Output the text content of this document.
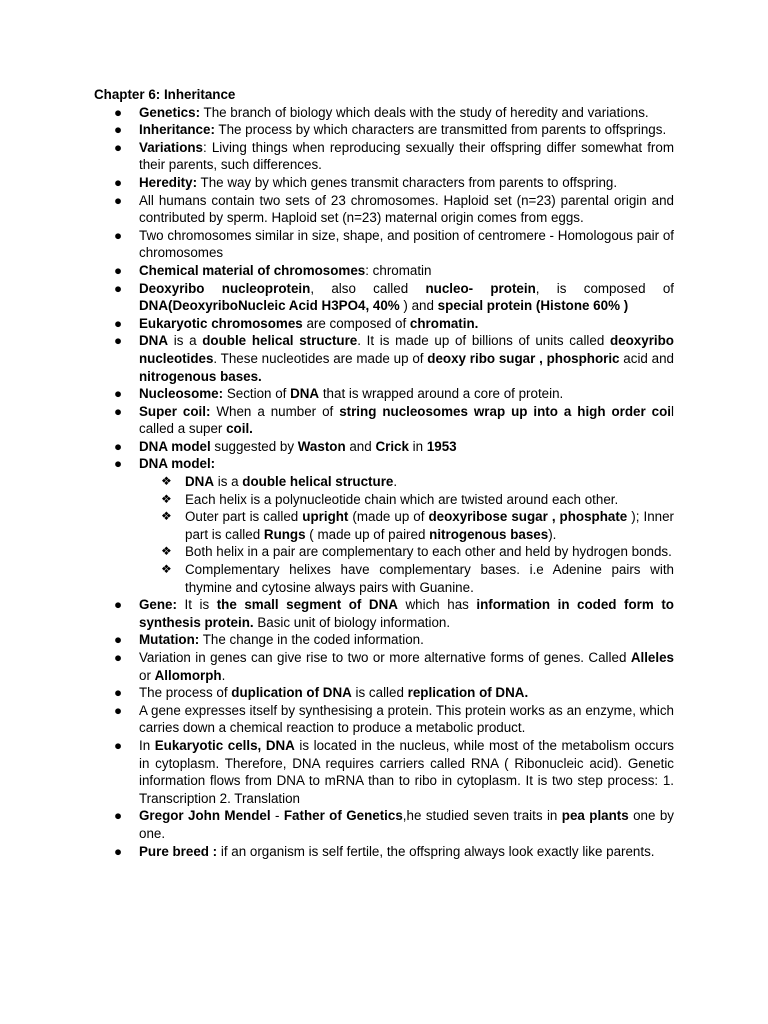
Chapter 6: Inheritance
● Genetics: The branch of biology which deals with the study of heredity and variations.
● Inheritance: The process by which characters are transmitted from parents to offsprings.
● Variations: Living things when reproducing sexually their offspring differ somewhat from their parents, such differences.
● Heredity: The way by which genes transmit characters from parents to offspring.
● All humans contain two sets of 23 chromosomes. Haploid set (n=23) parental origin and contributed by sperm. Haploid set (n=23) maternal origin comes from eggs.
● Two chromosomes similar in size, shape, and position of centromere - Homologous pair of chromosomes
● Chemical material of chromosomes: chromatin
● Deoxyribo nucleoprotein, also called nucleo- protein, is composed of DNA(DeoxyriboNucleic Acid H3PO4, 40% ) and special protein (Histone 60% )
● Eukaryotic chromosomes are composed of chromatin.
● DNA is a double helical structure. It is made up of billions of units called deoxyribo nucleotides. These nucleotides are made up of deoxy ribo sugar , phosphoric acid and nitrogenous bases.
● Nucleosome: Section of DNA that is wrapped around a core of protein.
● Super coil: When a number of string nucleosomes wrap up into a high order coil called a super coil.
● DNA model suggested by Waston and Crick in 1953
● DNA model:
❖ DNA is a double helical structure.
❖ Each helix is a polynucleotide chain which are twisted around each other.
❖ Outer part is called upright (made up of deoxyribose sugar , phosphate ); Inner part is called Rungs ( made up of paired nitrogenous bases).
❖ Both helix in a pair are complementary to each other and held by hydrogen bonds.
❖ Complementary helixes have complementary bases. i.e Adenine pairs with thymine and cytosine always pairs with Guanine.
● Gene: It is the small segment of DNA which has information in coded form to synthesis protein. Basic unit of biology information.
● Mutation: The change in the coded information.
● Variation in genes can give rise to two or more alternative forms of genes. Called Alleles or Allomorph.
● The process of duplication of DNA is called replication of DNA.
● A gene expresses itself by synthesising a protein. This protein works as an enzyme, which carries down a chemical reaction to produce a metabolic product.
● In Eukaryotic cells, DNA is located in the nucleus, while most of the metabolism occurs in cytoplasm. Therefore, DNA requires carriers called RNA ( Ribonucleic acid). Genetic information flows from DNA to mRNA than to ribo in cytoplasm. It is two step process: 1. Transcription 2. Translation
● Gregor John Mendel - Father of Genetics,he studied seven traits in pea plants one by one.
● Pure breed : if an organism is self fertile, the offspring always look exactly like parents.
